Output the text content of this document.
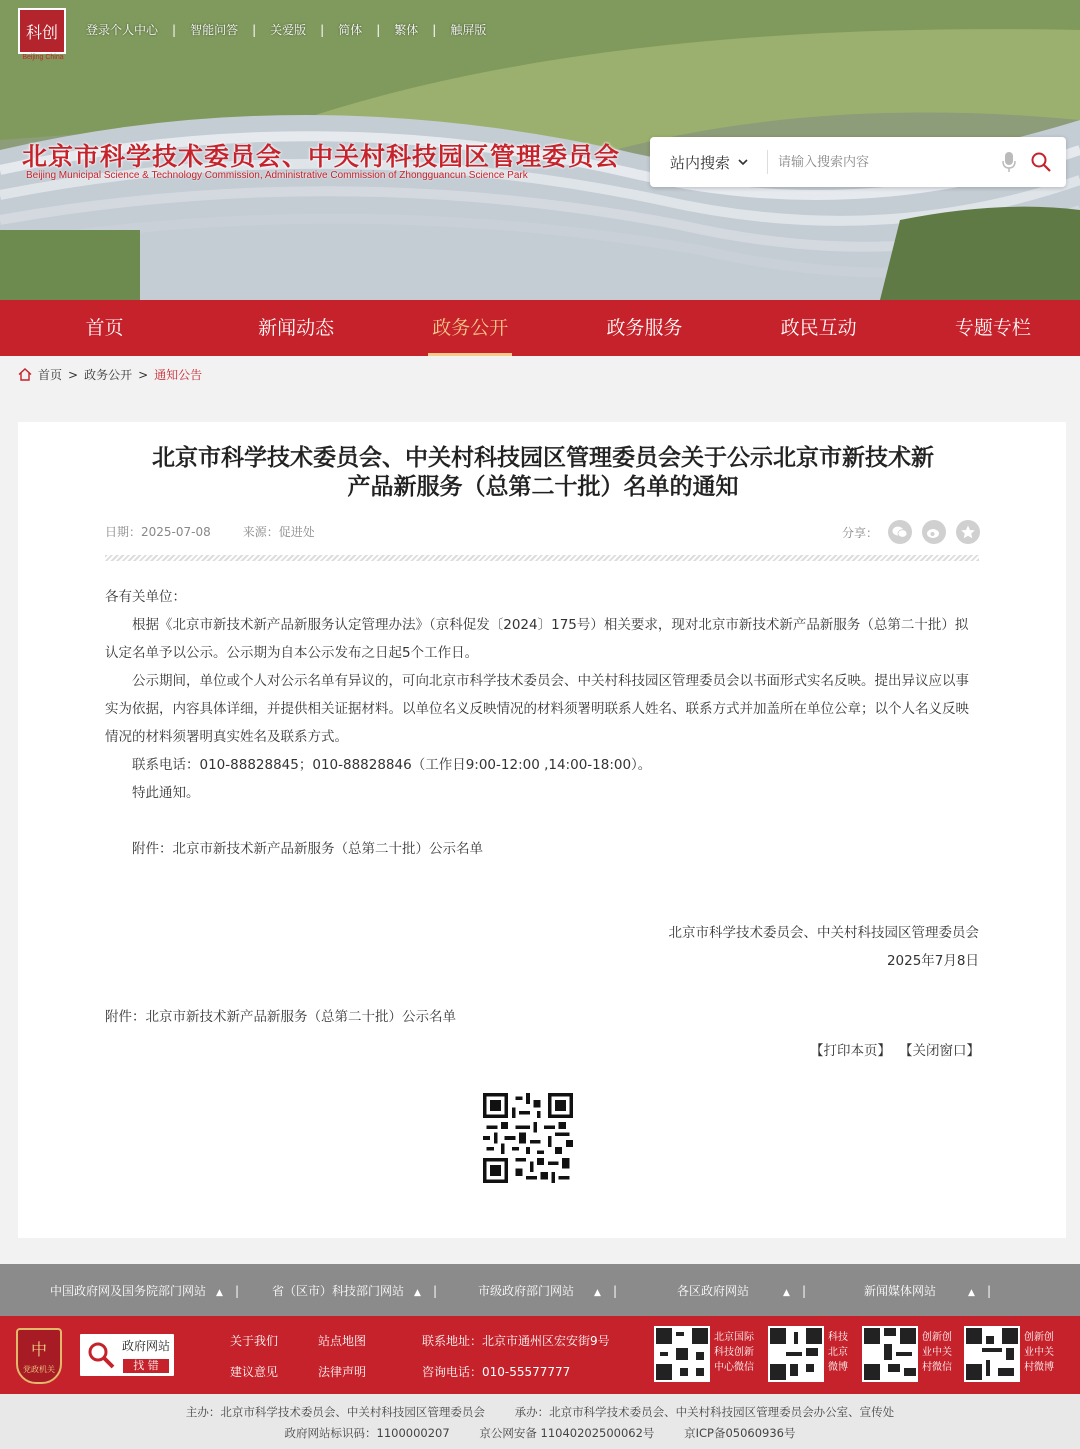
科创
Beijing China
登录个人中心 | 智能问答 | 关爱版 | 简体 | 繁体 | 触屏版
北京市科学技术委员会、中关村科技园区管理委员会
Beijing Municipal Science & Technology Commission, Administrative Commission of Zhongguancun Science Park
站内搜索
请输入搜索内容
首页	新闻动态	政务公开	政务服务	政民互动	专题专栏
首页 > 政务公开 > 通知公告
北京市科学技术委员会、中关村科技园区管理委员会关于公示北京市新技术新产品新服务（总第二十批）名单的通知
日期：2025-07-08	来源：促进处	分享：

各有关单位：

根据《北京市新技术新产品新服务认定管理办法》（京科促发〔2024〕175号）相关要求，现对北京市新技术新产品新服务（总第二十批）拟认定名单予以公示。公示期为自本公示发布之日起5个工作日。

公示期间，单位或个人对公示名单有异议的，可向北京市科学技术委员会、中关村科技园区管理委员会以书面形式实名反映。提出异议应以事实为依据，内容具体详细，并提供相关证据材料。以单位名义反映情况的材料须署明联系人姓名、联系方式并加盖所在单位公章；以个人名义反映情况的材料须署明真实姓名及联系方式。

联系电话：010-88828845；010-88828846（工作日9:00-12:00 ,14:00-18:00）。

特此通知。

附件：北京市新技术新产品新服务（总第二十批）公示名单

北京市科学技术委员会、中关村科技园区管理委员会

2025年7月8日

附件：北京市新技术新产品新服务（总第二十批）公示名单
【打印本页】 【关闭窗口】
中国政府网及国务院部门网站 ▲ |	省（区市）科技部门网站 ▲ |	市级政府部门网站 ▲ |	各区政府网站	▲ |	新闻媒体网站	▲ |
中
党政机关
政府网站
找 错
关于我们	站点地图
建议意见	法律声明
联系地址：北京市通州区宏安街9号
咨询电话：010-55577777
北京国际科技创新中心微信
科技北京微博
创新创业中关村微信
创新创业中关村微博
主办：北京市科学技术委员会、中关村科技园区管理委员会	承办：北京市科学技术委员会、中关村科技园区管理委员会办公室、宣传处
政府网站标识码：1100000207	京公网安备 11040202500062号	京ICP备05060936号
